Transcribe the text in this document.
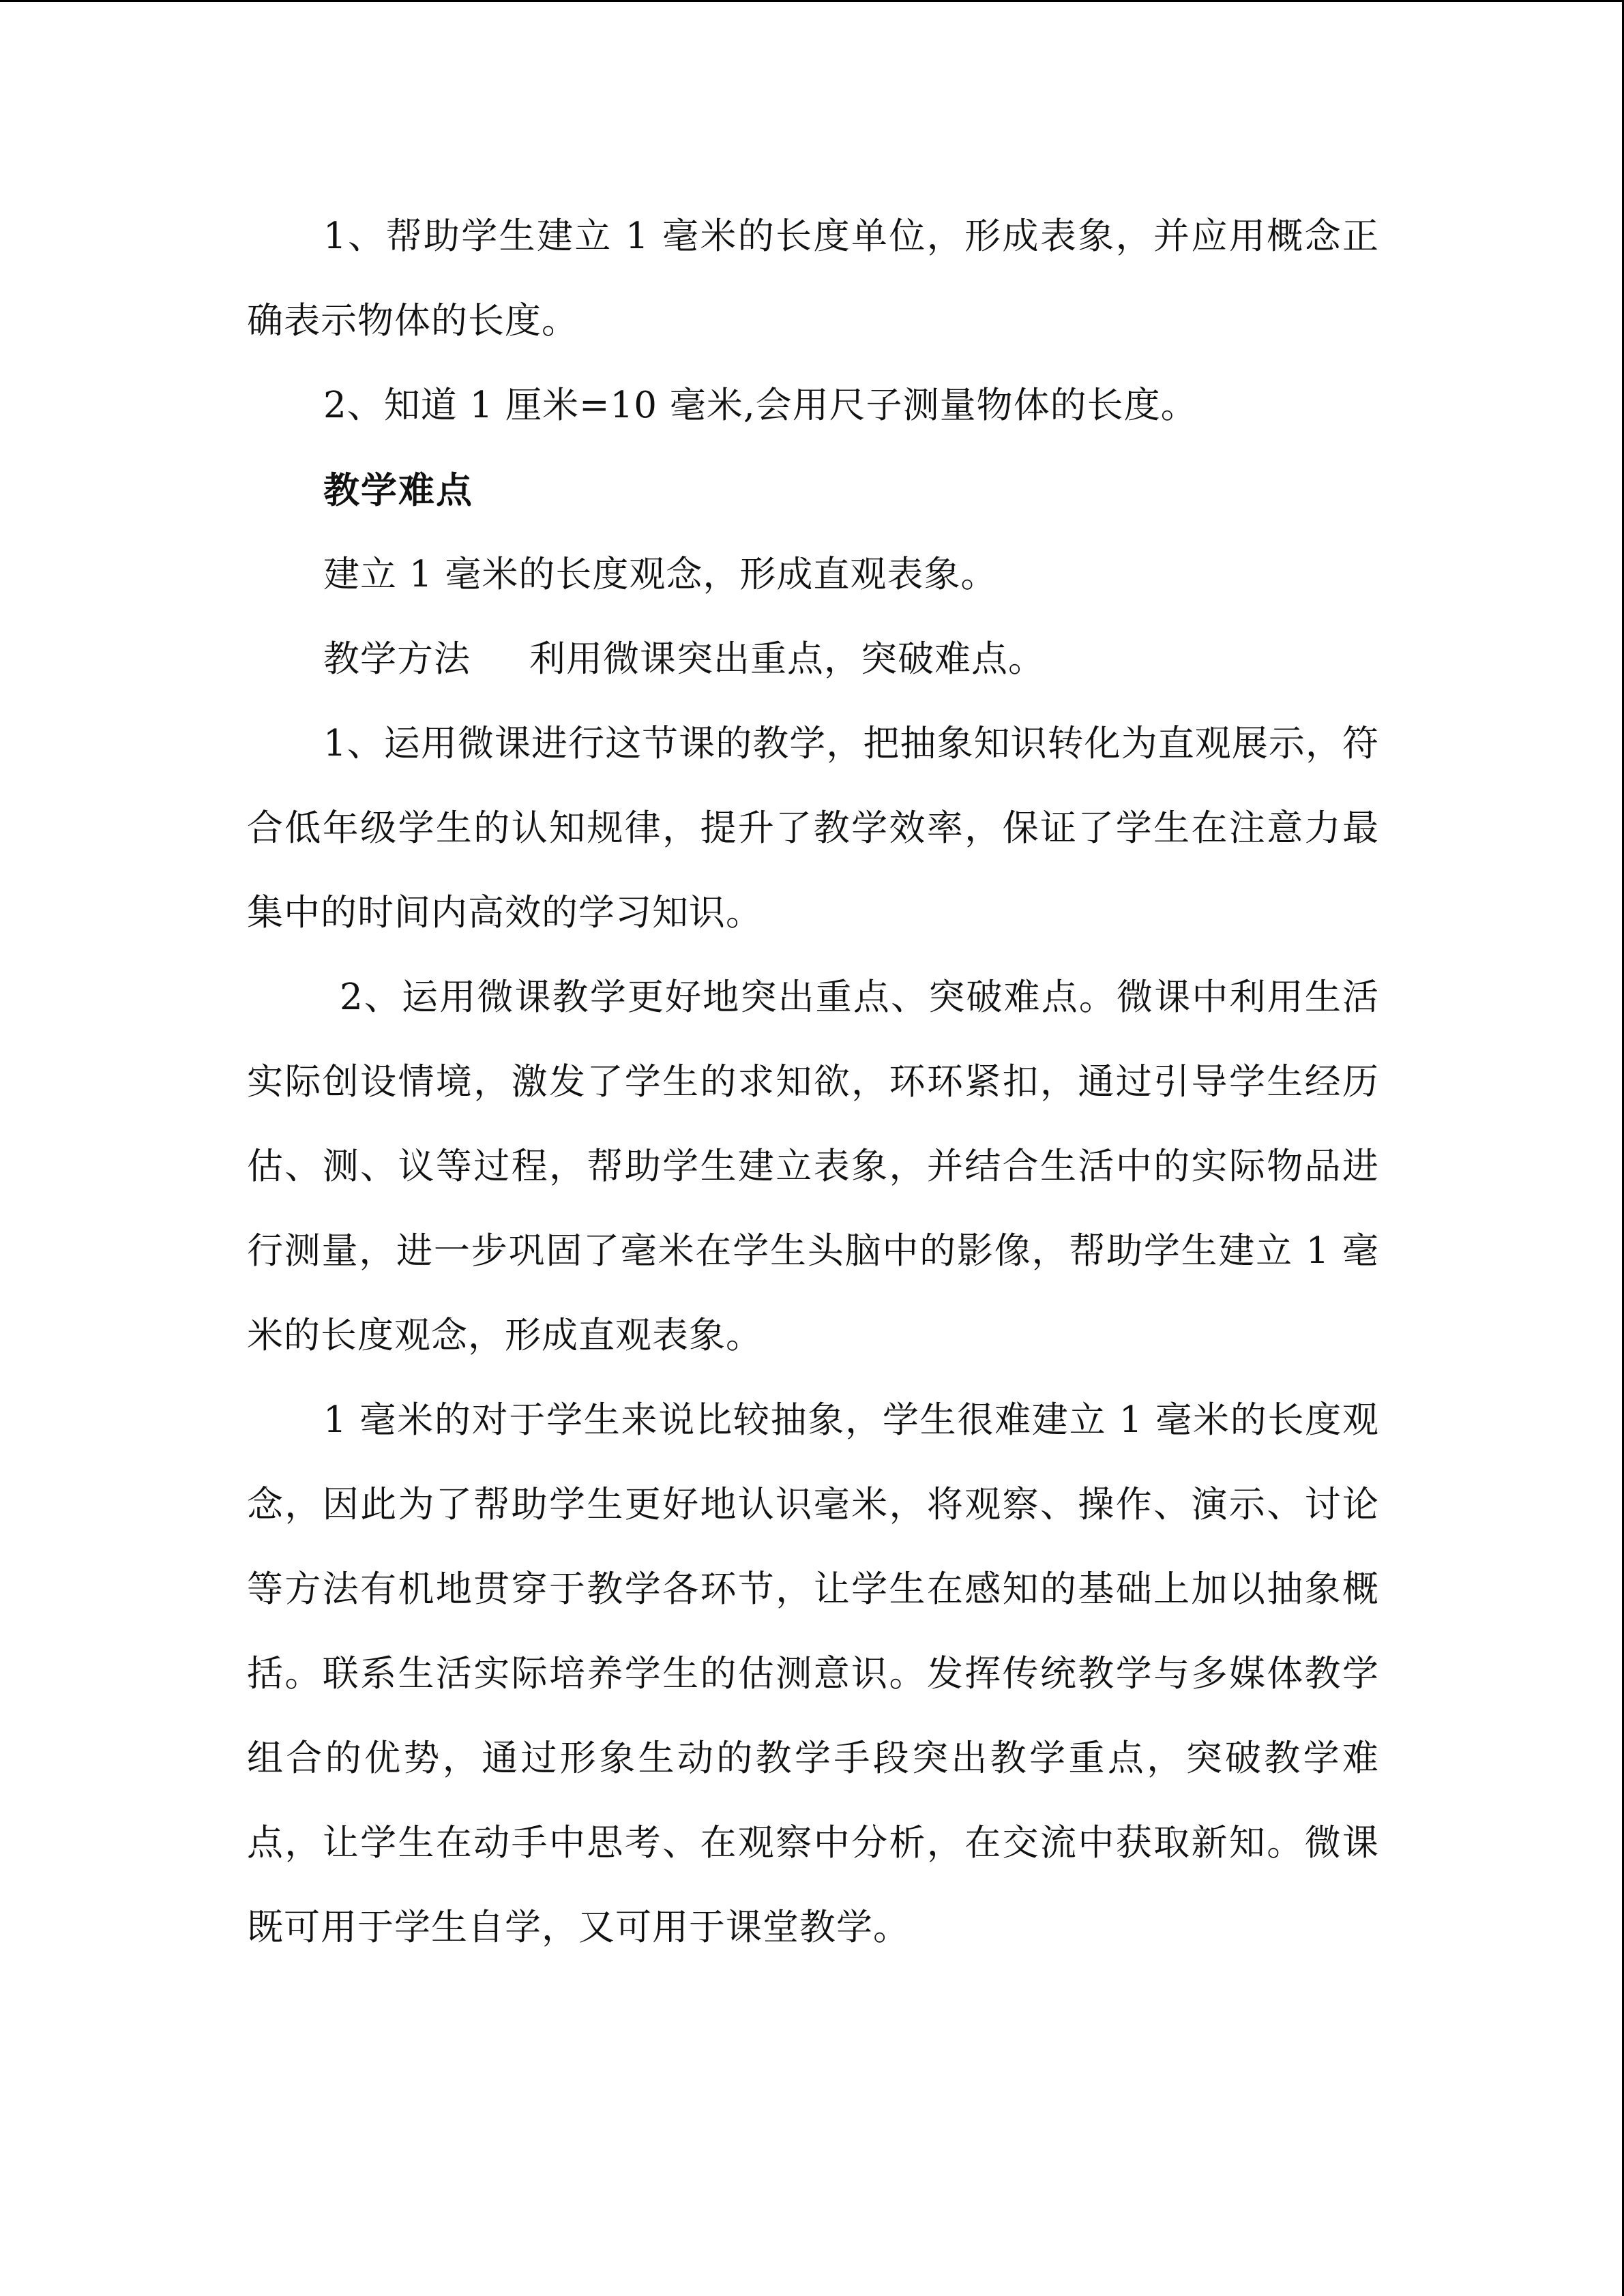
1、帮助学生建立 1 毫米的长度单位，形成表象，并应用概念正确表示物体的长度。

2、知道 1 厘米=10 毫米,会用尺子测量物体的长度。

教学难点

建立 1 毫米的长度观念，形成直观表象。

教学方法 利用微课突出重点，突破难点。

1、运用微课进行这节课的教学，把抽象知识转化为直观展示，符合低年级学生的认知规律，提升了教学效率，保证了学生在注意力最集中的时间内高效的学习知识。

2、运用微课教学更好地突出重点、突破难点。微课中利用生活实际创设情境，激发了学生的求知欲，环环紧扣，通过引导学生经历估、测、议等过程，帮助学生建立表象，并结合生活中的实际物品进行测量，进一步巩固了毫米在学生头脑中的影像，帮助学生建立 1 毫米的长度观念，形成直观表象。

1 毫米的对于学生来说比较抽象，学生很难建立 1 毫米的长度观念，因此为了帮助学生更好地认识毫米，将观察、操作、演示、讨论等方法有机地贯穿于教学各环节，让学生在感知的基础上加以抽象概括。联系生活实际培养学生的估测意识。发挥传统教学与多媒体教学组合的优势，通过形象生动的教学手段突出教学重点，突破教学难点，让学生在动手中思考、在观察中分析，在交流中获取新知。微课既可用于学生自学，又可用于课堂教学。
